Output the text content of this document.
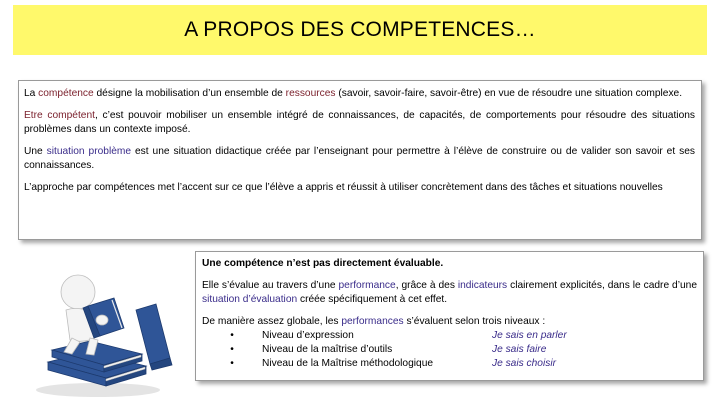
A PROPOS DES COMPETENCES…

La compétence désigne la mobilisation d’un ensemble de ressources (savoir, savoir-faire, savoir-être) en vue de résoudre une situation complexe.

Etre compétent, c’est pouvoir mobiliser un ensemble intégré de connaissances, de capacités, de comportements pour résoudre des situations problèmes dans un contexte imposé.

Une situation problème est une situation didactique créée par l’enseignant pour permettre à l’élève de construire ou de valider son savoir et ses connaissances.

L’approche par compétences met l’accent sur ce que l’élève a appris et réussit à utiliser concrètement dans des tâches et situations nouvelles

Une compétence n’est pas directement évaluable.

Elle s’évalue au travers d’une performance, grâce à des indicateurs clairement explicités, dans le cadre d’une situation d’évaluation créée spécifiquement à cet effet.

De manière assez globale, les performances s’évaluent selon trois niveaux :

•	Niveau d’expression	Je sais en parler
•	Niveau de la maîtrise d’outils	Je sais faire
•	Niveau de la Maîtrise méthodologique	Je sais choisir
